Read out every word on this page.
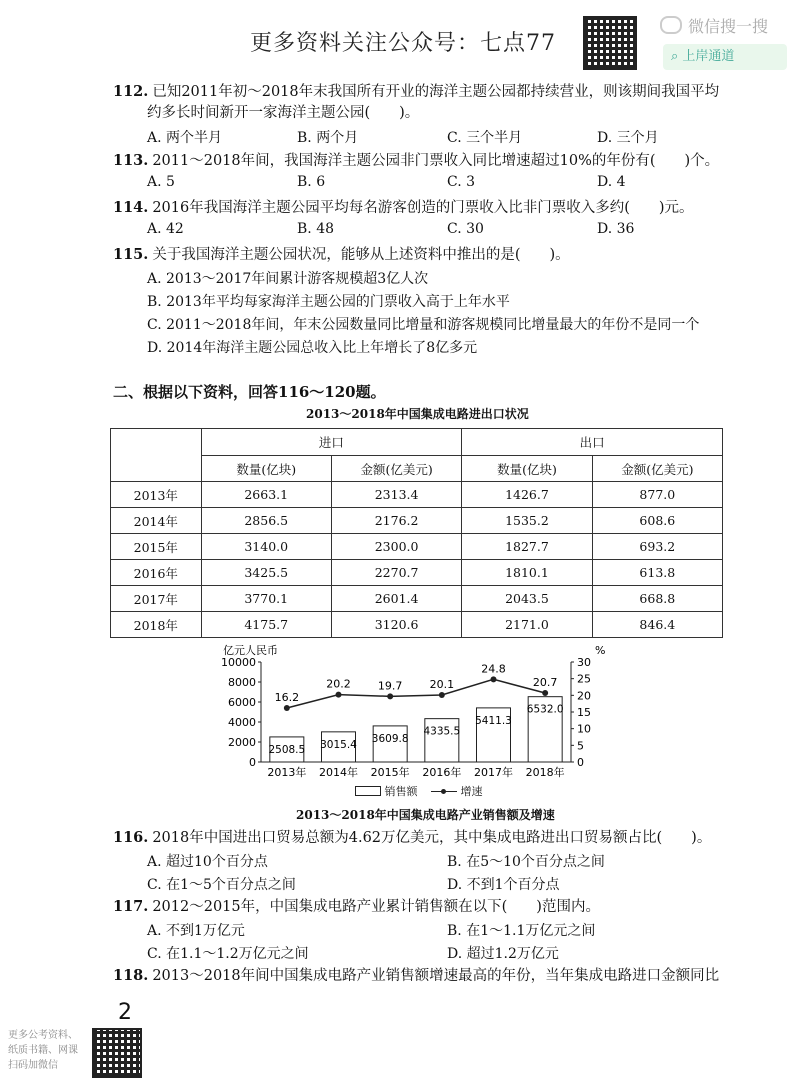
更多资料关注公众号：七点77
微信搜一搜
⌕ 上岸通道
112. 已知2011年初～2018年末我国所有开业的海洋主题公园都持续营业，则该期间我国平均
约多长时间新开一家海洋主题公园(　　)。
A. 两个半月	B. 两个月	C. 三个半月	D. 三个月
113. 2011～2018年间，我国海洋主题公园非门票收入同比增速超过10%的年份有(　　)个。
A. 5	B. 6	C. 3	D. 4
114. 2016年我国海洋主题公园平均每名游客创造的门票收入比非门票收入多约(　　)元。
A. 42	B. 48	C. 30	D. 36
115. 关于我国海洋主题公园状况，能够从上述资料中推出的是(　　)。
A. 2013～2017年间累计游客规模超3亿人次
B. 2013年平均每家海洋主题公园的门票收入高于上年水平
C. 2011～2018年间，年末公园数量同比增量和游客规模同比增量最大的年份不是同一个
D. 2014年海洋主题公园总收入比上年增长了8亿多元
二、根据以下资料，回答116～120题。
2013～2018年中国集成电路进出口状况
	进口		出口	
	数量(亿块)	金额(亿美元)	数量(亿块)	金额(亿美元)
2013年	2663.1	2313.4	1426.7	877.0
2014年	2856.5	2176.2	1535.2	608.6
2015年	3140.0	2300.0	1827.7	693.2
2016年	3425.5	2270.7	1810.1	613.8
2017年	3770.1	2601.4	2043.5	668.8
2018年	4175.7	3120.6	2171.0	846.4
亿元人民币	%
10000
8000
6000
4000
2000
0
30
25
20
15
10
5
0
2508.5
2013年
3015.4
2014年
3609.8
2015年
4335.5
2016年
5411.3
2017年
6532.0
2018年
16.2
20.2 19.7 20.1
24.8
20.7
销售额	增速
2013～2018年中国集成电路产业销售额及增速
116. 2018年中国进出口贸易总额为4.62万亿美元，其中集成电路进出口贸易额占比(　　)。
A. 超过10个百分点	B. 在5～10个百分点之间
C. 在1～5个百分点之间	D. 不到1个百分点
117. 2012～2015年，中国集成电路产业累计销售额在以下(　　)范围内。
A. 不到1万亿元	B. 在1～1.1万亿元之间
C. 在1.1～1.2万亿元之间	D. 超过1.2万亿元
118. 2013～2018年间中国集成电路产业销售额增速最高的年份，当年集成电路进口金额同比
2
更多公考资料、
纸质书籍、网课
扫码加微信
